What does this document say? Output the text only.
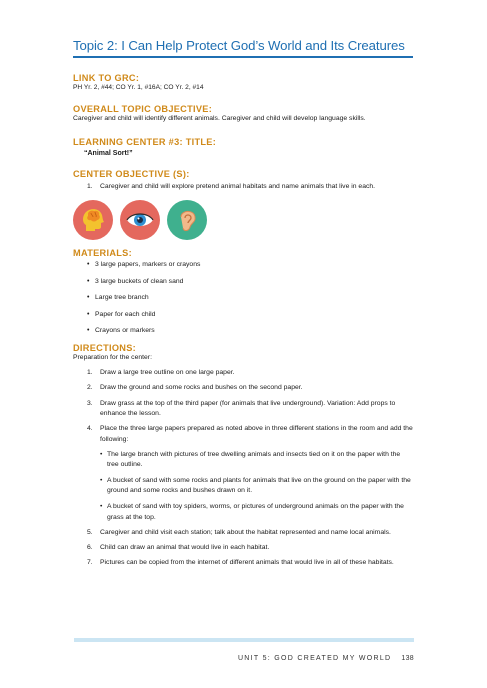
Topic 2: I Can Help Protect God’s World and Its Creatures
LINK TO GRC:
PH Yr. 2, #44; CO Yr. 1, #16A; CO Yr. 2, #14
OVERALL TOPIC OBJECTIVE:
Caregiver and child will identify different animals. Caregiver and child will develop language skills.
LEARNING CENTER #3: TITLE:
“Animal Sort!”
CENTER OBJECTIVE (S):
1. Caregiver and child will explore pretend animal habitats and name animals that live in each.
MATERIALS:
• 3 large papers, markers or crayons
• 3 large buckets of clean sand
• Large tree branch
• Paper for each child
• Crayons or markers
DIRECTIONS:
Preparation for the center:
1. Draw a large tree outline on one large paper.
2. Draw the ground and some rocks and bushes on the second paper.
3. Draw grass at the top of the third paper (for animals that live underground). Variation: Add props to enhance the lesson.
4. Place the three large papers prepared as noted above in three different stations in the room and add the following:
• The large branch with pictures of tree dwelling animals and insects tied on it on the paper with the tree outline.
• A bucket of sand with some rocks and plants for animals that live on the ground on the paper with the ground and some rocks and bushes drawn on it.
• A bucket of sand with toy spiders, worms, or pictures of underground animals on the paper with the grass at the top.
5. Caregiver and child visit each station; talk about the habitat represented and name local animals.
6. Child can draw an animal that would live in each habitat.
7. Pictures can be copied from the internet of different animals that would live in all of these habitats.
UNIT 5: GOD CREATED MY WORLD 138
